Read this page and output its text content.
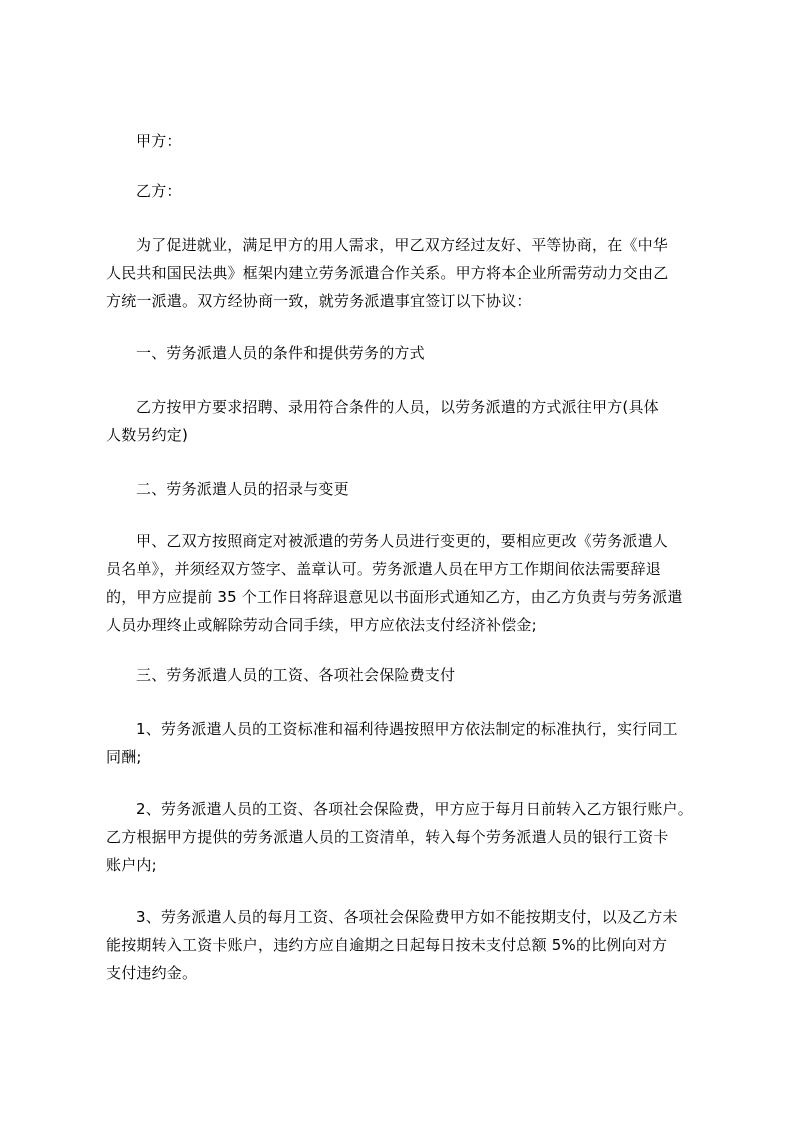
甲方：
乙方：
为了促进就业，满足甲方的用人需求，甲乙双方经过友好、平等协商，在《中华
人民共和国民法典》框架内建立劳务派遣合作关系。甲方将本企业所需劳动力交由乙
方统一派遣。双方经协商一致，就劳务派遣事宜签订以下协议：
一、劳务派遣人员的条件和提供劳务的方式
乙方按甲方要求招聘、录用符合条件的人员，以劳务派遣的方式派往甲方(具体
人数另约定)
二、劳务派遣人员的招录与变更
甲、乙双方按照商定对被派遣的劳务人员进行变更的，要相应更改《劳务派遣人
员名单》，并须经双方签字、盖章认可。劳务派遣人员在甲方工作期间依法需要辞退
的，甲方应提前 35 个工作日将辞退意见以书面形式通知乙方，由乙方负责与劳务派遣
人员办理终止或解除劳动合同手续，甲方应依法支付经济补偿金;
三、劳务派遣人员的工资、各项社会保险费支付
1、劳务派遣人员的工资标准和福利待遇按照甲方依法制定的标准执行，实行同工
同酬;
2、劳务派遣人员的工资、各项社会保险费，甲方应于每月日前转入乙方银行账户。
乙方根据甲方提供的劳务派遣人员的工资清单，转入每个劳务派遣人员的银行工资卡
账户内;
3、劳务派遣人员的每月工资、各项社会保险费甲方如不能按期支付，以及乙方未
能按期转入工资卡账户，违约方应自逾期之日起每日按未支付总额 5%的比例向对方
支付违约金。
